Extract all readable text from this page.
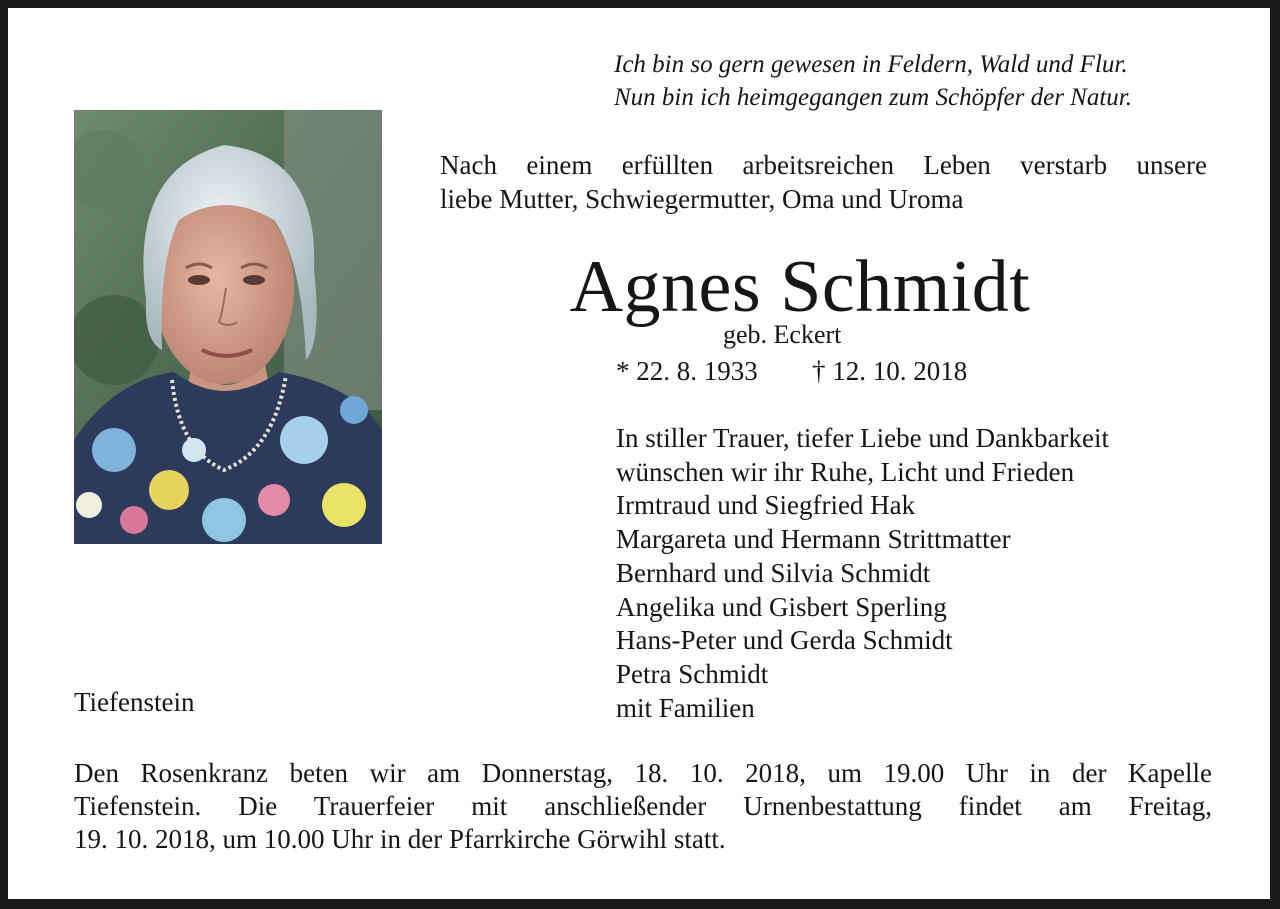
Ich bin so gern gewesen in Feldern, Wald und Flur.
Nun bin ich heimgegangen zum Schöpfer der Natur.
Nach einem erfüllten arbeitsreichen Leben verstarb unsere
liebe Mutter, Schwiegermutter, Oma und Uroma
Agnes Schmidt
geb. Eckert
* 22. 8. 1933 † 12. 10. 2018
In stiller Trauer, tiefer Liebe und Dankbarkeit
wünschen wir ihr Ruhe, Licht und Frieden
Irmtraud und Siegfried Hak
Margareta und Hermann Strittmatter
Bernhard und Silvia Schmidt
Angelika und Gisbert Sperling
Hans-Peter und Gerda Schmidt
Petra Schmidt
mit Familien
Tiefenstein
Den Rosenkranz beten wir am Donnerstag, 18. 10. 2018, um 19.00 Uhr in der Kapelle
Tiefenstein. Die Trauerfeier mit anschließender Urnenbestattung findet am Freitag,
19. 10. 2018, um 10.00 Uhr in der Pfarrkirche Görwihl statt.
